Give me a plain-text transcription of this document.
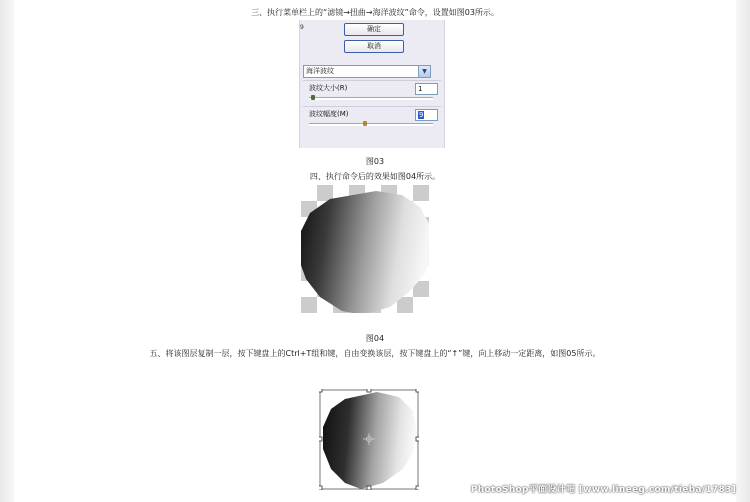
三、执行菜单栏上的“滤镜→扭曲→海洋波纹”命令，设置如图03所示。
9	确定
取消
海洋波纹	▼
波纹大小(R)	1
波纹幅度(M)	9
图03
四、执行命令后的效果如图04所示。
图04
五、将该图层复制一层，按下键盘上的Ctrl+T组和键，自由变换该层，按下键盘上的“↑”键，向上移动一定距离，如图05所示。
PhotoShop平面设计吧 [www.lineeg.com/tieba/1783]
